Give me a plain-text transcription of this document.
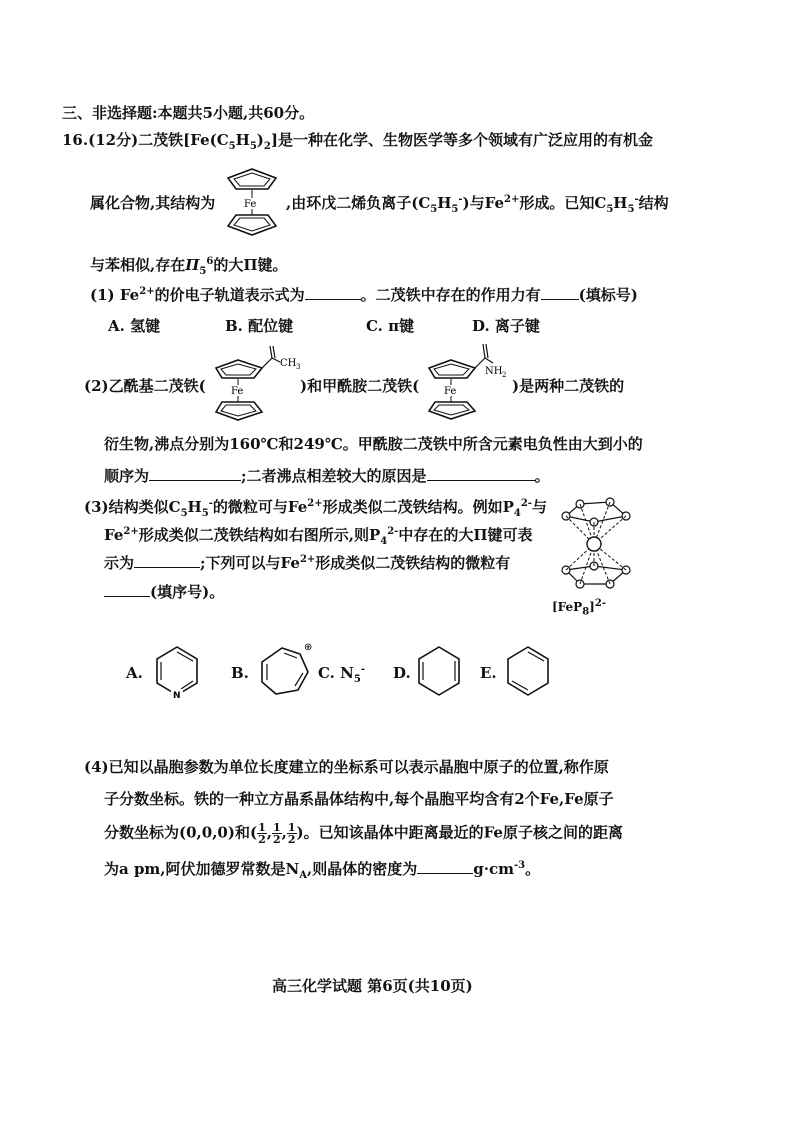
三、非选择题:本题共5小题,共60分。
16.(12分)二茂铁$[Fe(C_5H_5)_2]$是一种在化学、生物医学等多个领域有广泛应用的有机金
Fe
属化合物,其结构为	,由环戊二烯负离子$(C_5H_5^-)$与$Fe^{2+}$形成。已知$C_5H_5^-$结构
与苯相似,存在$\Pi_5^6$的大Π键。
(1) $Fe^{2+}$的价电子轨道表示式为	。二茂铁中存在的作用力有	(填标号)
A. 氢键	B. 配位键	C. π键	D. 离子键
(2)乙酰基二茂铁(
CH 3
Fe	)和甲酰胺二茂铁(
NH 2
Fe	)是两种二茂铁的
衍生物,沸点分别为160℃和249℃。甲酰胺二茂铁中所含元素电负性由大到小的
顺序为	;二者沸点相差较大的原因是	。
(3)结构类似$C_5H_5^-$的微粒可与$Fe^{2+}$形成类似二茂铁结构。例如$P_4^{2-}$与
$Fe^{2+}$形成类似二茂铁结构如右图所示,则$P_4^{2-}$中存在的大Π键可表
示为	;下列可以与$Fe^{2+}$形成类似二茂铁结构的微粒有
(填序号)。
$[FeP_8]^{2-}$
A.
N
B.
⊕
C. $N_5^-$ D.	E.
(4)已知以晶胞参数为单位长度建立的坐标系可以表示晶胞中原子的位置,称作原
子分数坐标。铁的一种立方晶系晶体结构中,每个晶胞平均含有2个Fe,Fe原子
分数坐标为(0,0,0)和( $\frac{1}{2}$ , $\frac{1}{2}$ , $\frac{1}{2}$ )。已知该晶体中距离最近的Fe原子核之间的距离
为a pm,阿伏加德罗常数是$N_A$,则晶体的密度为	$g\cdot cm^{-3}$。
高三化学试题 第6页(共10页)
